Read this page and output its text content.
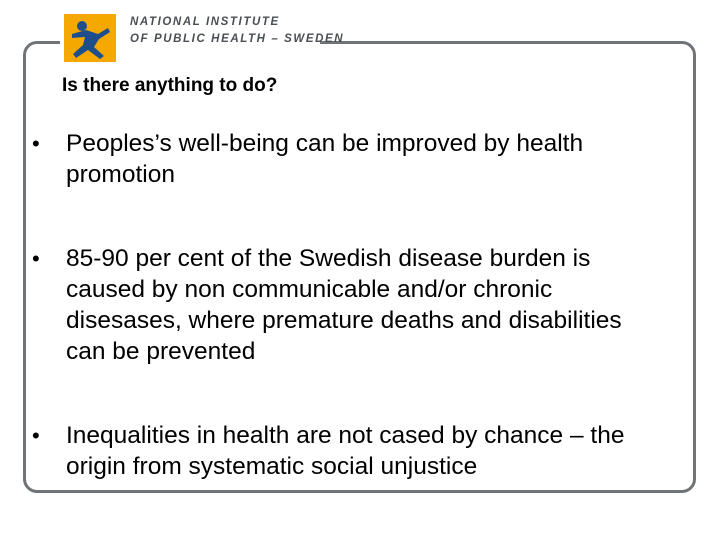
NATIONAL INSTITUTE
OF PUBLIC HEALTH – SWEDEN
Is there anything to do?
• Peoples’s well-being can be improved by health promotion
• 85-90 per cent of the Swedish disease burden is caused by non communicable and/or chronic disesases, where premature deaths and disabilities can be prevented
• Inequalities in health are not cased by chance – the origin from systematic social unjustice
